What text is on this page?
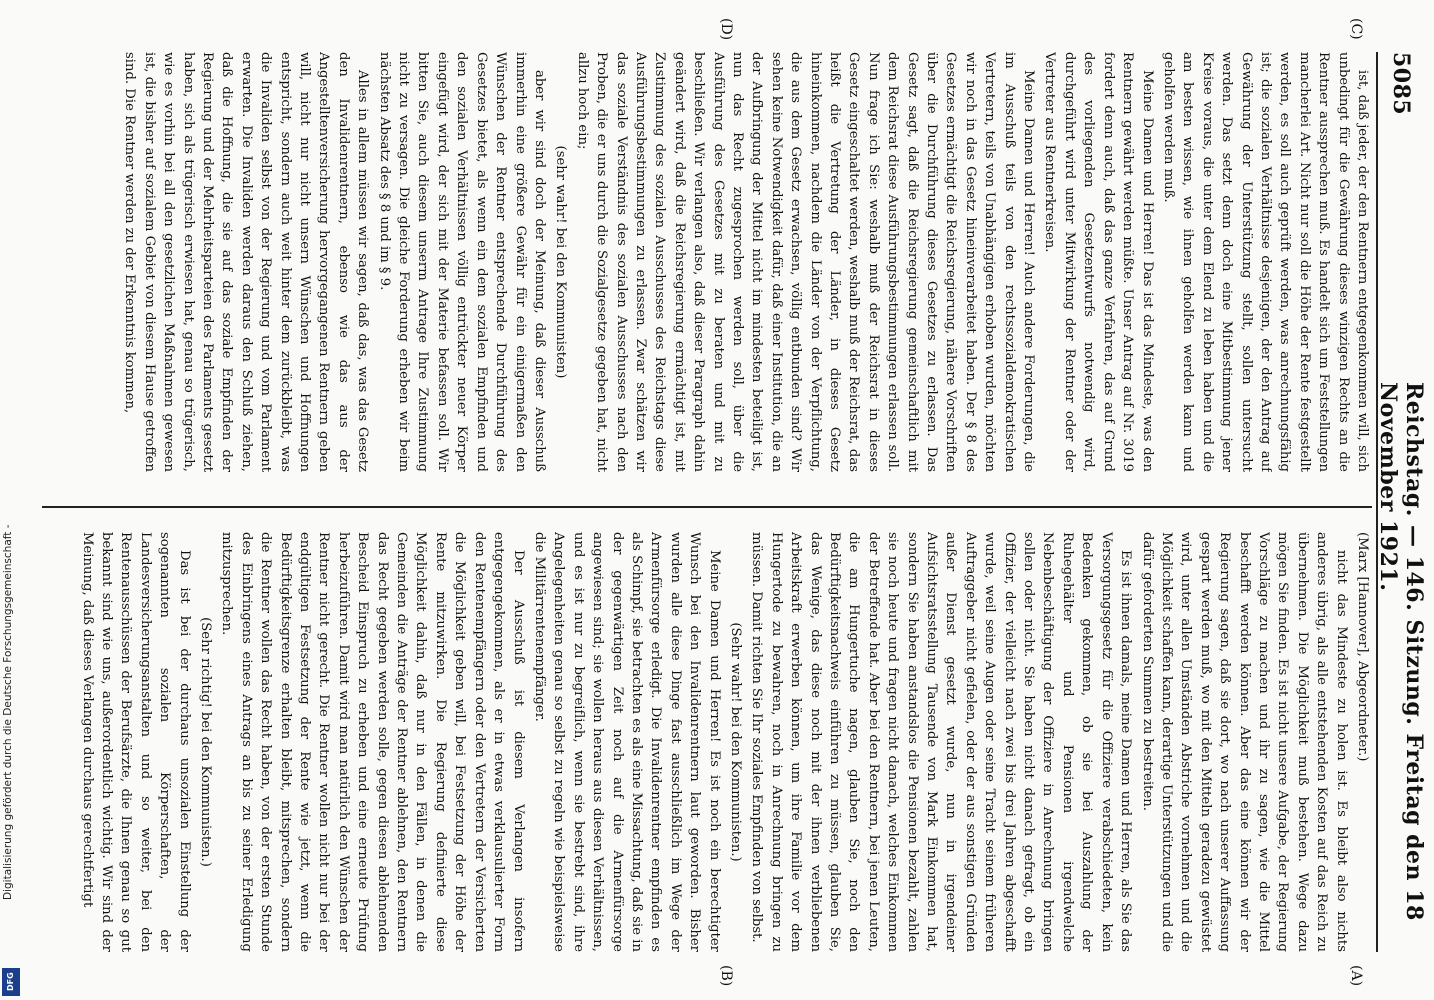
Digitalisierung gefördert durch die Deutsche Forschungsgemeinschaft -
DFG
5085
Reichstag. — 146. Sitzung. Freitag den 18 November 1921.
(C)
(D)
(A)
(B)

ist, daß jeder, der den Rentnern entgegenkommen will, sich unbedingt für die Gewährung dieses winzigen Rechts an die Rentner aussprechen muß. Es handelt sich um Feststellungen mancherlei Art. Nicht nur soll die Höhe der Rente festgestellt werden, es soll auch geprüft werden, was anrechnungsfähig ist; die sozialen Verhältnisse desjenigen, der den Antrag auf Gewährung der Unterstützung stellt, sollen untersucht werden. Das setzt denn doch eine Mitbestimmung jener Kreise voraus, die unter dem Elend zu leben haben und die am besten wissen, wie ihnen geholfen werden kann und geholfen werden muß.

Meine Damen und Herren! Das ist das Mindeste, was den Rentnern gewährt werden müßte. Unser Antrag auf Nr. 3019 fordert denn auch, daß das ganze Verfahren, das auf Grund des vorliegenden Gesetzentwurfs notwendig wird, durchgeführt wird unter Mitwirkung der Rentner oder der Vertreter aus Rentnerkreisen.

Meine Damen und Herren! Auch andere Forderungen, die im Ausschuß teils von den rechtssozialdemokratischen Vertretern, teils von Unabhängigen erhoben wurden, möchten wir noch in das Gesetz hineinverarbeitet haben. Der § 8 des Gesetzes ermächtigt die Reichsregierung, nähere Vorschriften über die Durchführung dieses Gesetzes zu erlassen. Das Gesetz sagt, daß die Reichsregierung gemeinschaftlich mit dem Reichsrat diese Ausführungsbestimmungen erlassen soll. Nun frage ich Sie: weshalb muß der Reichsrat in dieses Gesetz eingeschaltet werden, weshalb muß der Reichsrat, das heißt die Vertretung der Länder, in dieses Gesetz hineinkommen, nachdem die Länder von der Verpflichtung, die aus dem Gesetz erwachsen, völlig entbunden sind? Wir sehen keine Notwendigkeit dafür, daß einer Institution, die an der Aufbringung der Mittel nicht im mindesten beteiligt ist, nun das Recht zugesprochen werden soll, über die Ausführung des Gesetzes mit zu beraten und mit zu beschließen. Wir verlangen also, daß dieser Paragraph dahin geändert wird, daß die Reichsregierung ermächtigt ist, mit Zustimmung des sozialen Ausschusses des Reichstags diese Ausführungsbestimmungen zu erlassen. Zwar schätzen wir das soziale Verständnis des sozialen Ausschusses nach den Proben, die er uns durch die Sozialgesetze gegeben hat, nicht allzu hoch ein;

(sehr wahr! bei den Kommunisten)

aber wir sind doch der Meinung, daß dieser Ausschuß immerhin eine größere Gewähr für ein einigermaßen den Wünschen der Rentner entsprechende Durchführung des Gesetzes bietet, als wenn ein dem sozialen Empfinden und den sozialen Verhältnissen völlig entrückter neuer Körper eingefügt wird, der sich mit der Materie befassen soll. Wir bitten Sie, auch diesem unserm Antrage Ihre Zustimmung nicht zu versagen. Die gleiche Forderung erheben wir beim nächsten Absatz des § 8 und im § 9.

Alles in allem müssen wir sagen, daß das, was das Gesetz den Invalidenrentnern, ebenso wie das aus der Angestelltenversicherung hervorgegangenen Rentnern geben will, nicht nur nicht unsern Wünschen und Hoffnungen entspricht, sondern auch weit hinter dem zurückbleibt, was die Invaliden selbst von der Regierung und vom Parlament erwarten. Die Invaliden werden daraus den Schluß ziehen, daß die Hoffnung, die sie auf das soziale Empfinden der Regierung und der Mehrheitsparteien des Parlaments gesetzt haben, sich als trügerisch erwiesen hat, genau so trügerisch, wie es vorhin bei all den gesetzlichen Maßnahmen gewesen ist, die bisher auf sozialem Gebiet von diesem Hause getroffen sind. Die Rentner werden zu der Erkenntnis kommen,

(Marx [Hannover], Abgeordneter.)

nicht das Mindeste zu holen ist. Es bleibt also nichts anderes übrig, als alle entstehenden Kosten auf das Reich zu übernehmen. Die Möglichkeit muß bestehen. Wege dazu mögen Sie finden. Es ist nicht unsere Aufgabe, der Regierung Vorschläge zu machen und ihr zu sagen, wie die Mittel beschafft werden können. Aber das eine können wir der Regierung sagen, daß sie dort, wo nach unserer Auffassung gespart werden muß, wo mit den Mitteln geradezu gewüstet wird, unter allen Umständen Abstriche vornehmen und die Möglichkeit schaffen kann, derartige Unterstützungen und die dafür geforderten Summen zu bestreiten.

Es ist ihnen damals, meine Damen und Herren, als Sie das Versorgungsgesetz für die Offiziere verabschiedeten, kein Bedenken gekommen, ob sie bei Auszahlung der Ruhegehälter und Pensionen irgendwelche Nebenbeschäftigung der Offiziere in Anrechnung bringen sollen oder nicht. Sie haben nicht danach gefragt, ob ein Offizier, der vielleicht nach zwei bis drei Jahren abgeschafft wurde, weil seine Augen oder seine Tracht seinem früheren Auftraggeber nicht gefielen, oder der aus sonstigen Gründen außer Dienst gesetzt wurde, nun in irgendeiner Aufsichtsratsstellung Tausende von Mark Einkommen hat, sondern Sie haben anstandslos die Pensionen bezahlt, zahlen sie noch heute und fragen nicht danach, welches Einkommen der Betreffende hat. Aber bei den Rentnern, bei jenen Leuten, die am Hungertuche nagen, glauben Sie, noch den Bedürftigkeitsnachweis einführen zu müssen, glauben Sie, das Wenige, das diese noch mit der ihnen verbliebenen Arbeitskraft erwerben können, um ihre Familie vor dem Hungertode zu bewahren, noch in Anrechnung bringen zu müssen. Damit richten Sie Ihr soziales Empfinden von selbst.

(Sehr wahr! bei den Kommunisten.)

Meine Damen und Herren! Es ist noch ein berechtigter Wunsch bei den Invalidenrentnern laut geworden. Bisher wurden alle diese Dinge fast ausschließlich im Wege der Armenfürsorge erledigt. Die Invalidenrentner empfinden es als Schimpf, sie betrachten es als eine Missachtung, daß sie in der gegenwärtigen Zeit noch auf die Armenfürsorge angewiesen sind; sie wollen heraus aus diesen Verhältnissen, und es ist nur zu begreiflich, wenn sie bestrebt sind, ihre Angelegenheiten genau so selbst zu regeln wie beispielsweise die Militärrentenempfänger.

Der Ausschuß ist diesem Verlangen insofern entgegengekommen, als er in etwas verklausulierter Form den Rentenempfängern oder den Vertretern der Versicherten die Möglichkeit geben will, bei Festsetzung der Höhe der Rente mitzuwirken. Die Regierung definierte diese Möglichkeit dahin, daß nur in den Fällen, in denen die Gemeinden die Anträge der Rentner ablehnen, den Rentnern das Recht gegeben werden solle, gegen diesen ablehnenden Bescheid Einspruch zu erheben und eine erneute Prüfung herbeizuführen. Damit wird man natürlich den Wünschen der Rentner nicht gerecht. Die Rentner wollen nicht nur bei der endgültigen Festsetzung der Rente wie jetzt, wenn die Bedürftigkeitsgrenze erhalten bleibt, mitsprechen, sondern die Rentner wollen das Recht haben, von der ersten Stunde des Einbringens eines Antrags an bis zu seiner Erledigung mitzusprechen.

(Sehr richtig! bei den Kommunisten.)

Das ist bei der durchaus unsozialen Einstellung der sogenannten sozialen Körperschaften, der Landesversicherungsanstalten und so weiter, bei den Rentenausschüssen der Berufsärzte, die Ihnen genau so gut bekannt sind wie uns, außerordentlich wichtig. Wir sind der Meinung, daß dieses Verlangen durchaus gerechtfertigt
